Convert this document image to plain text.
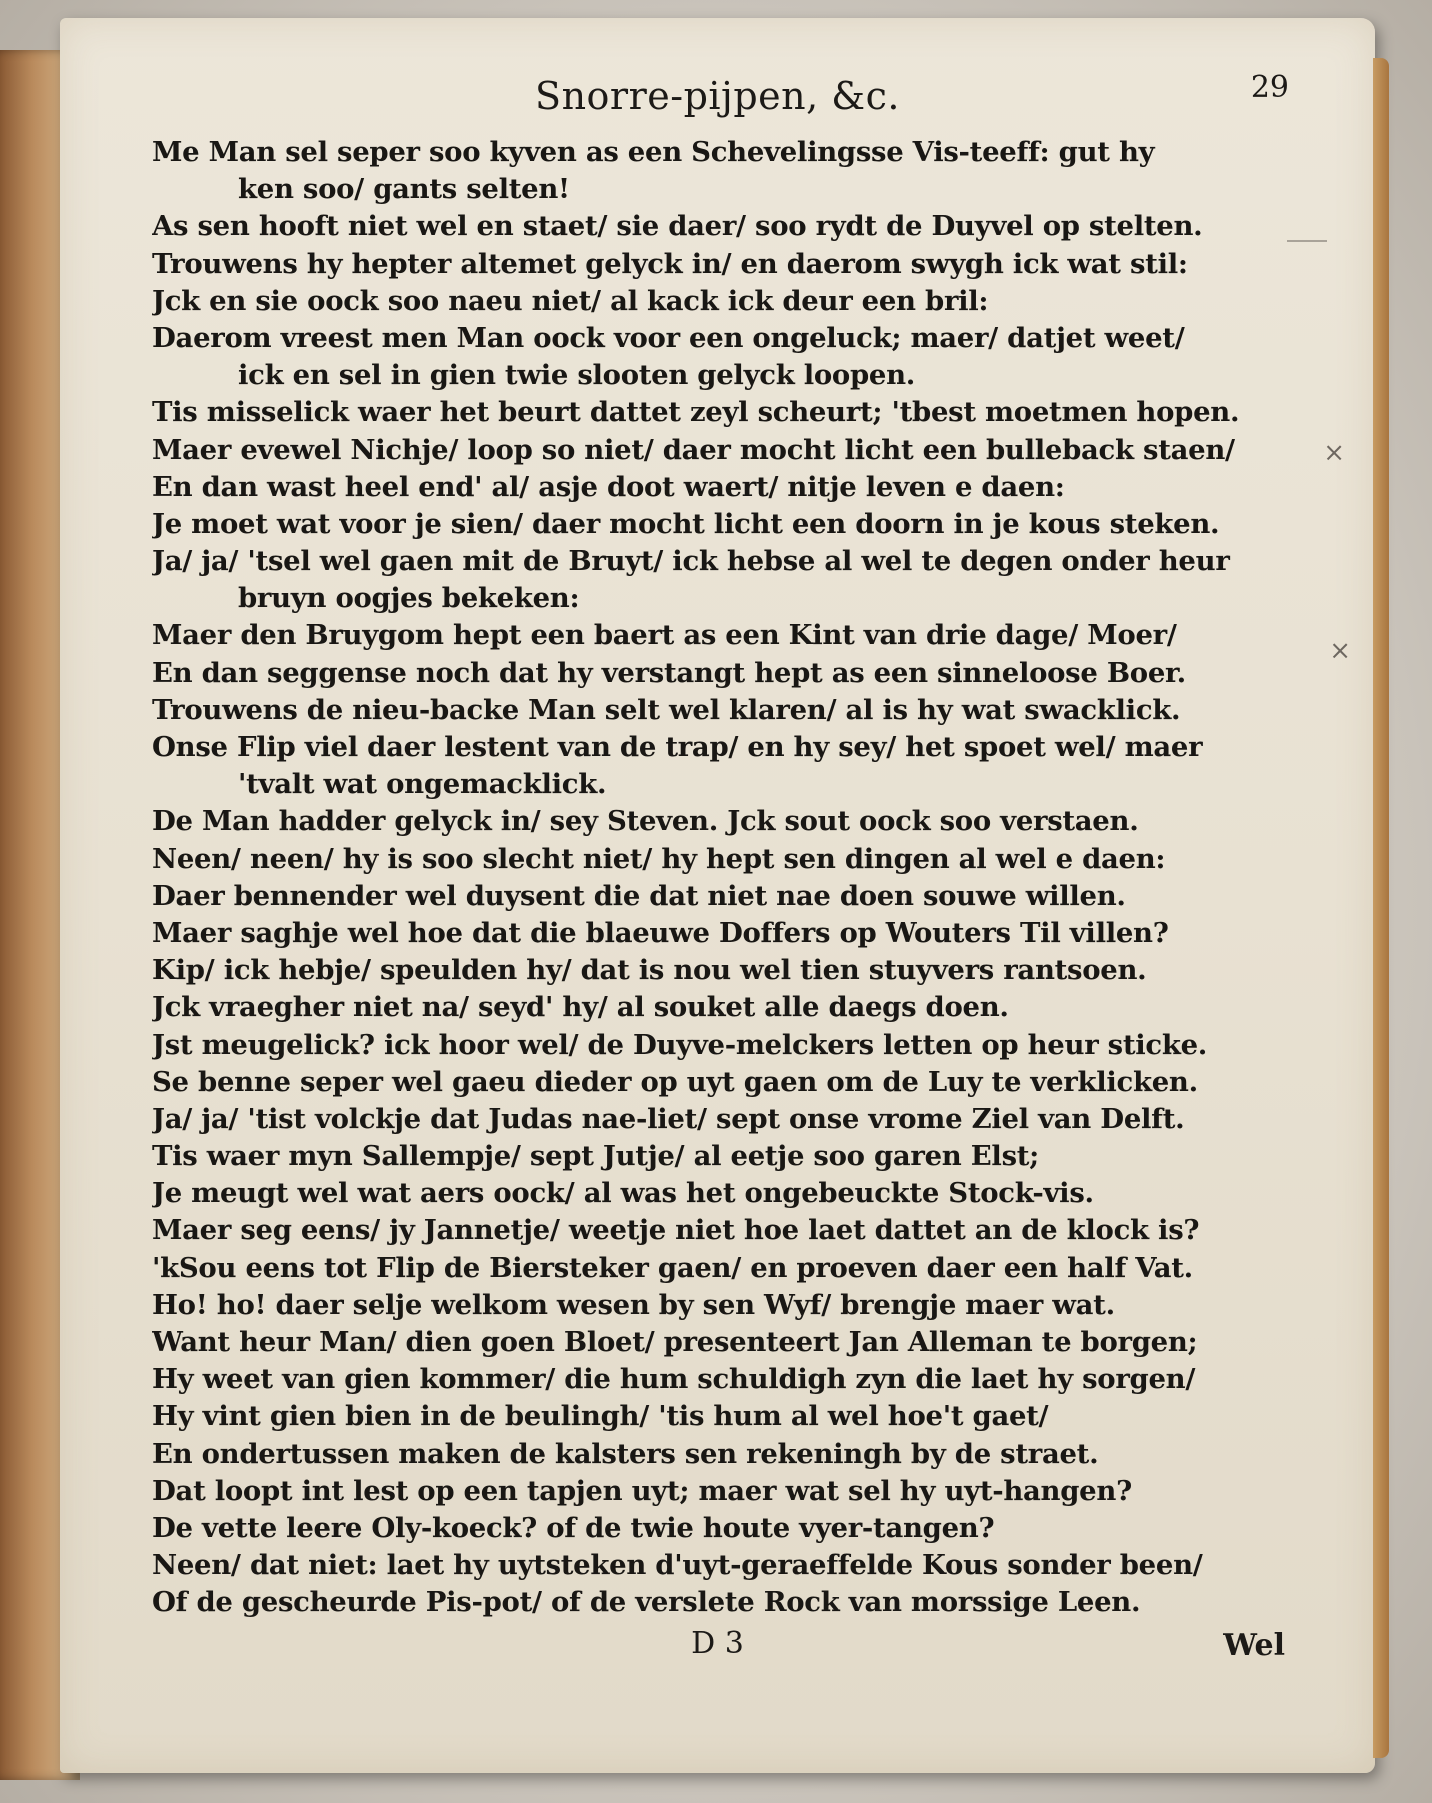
Snorre-pijpen, &c.	29
Me Man sel seper soo kyven as een Schevelingsse Vis-teeff: gut hy
ken soo/ gants selten!
As sen hooft niet wel en staet/ sie daer/ soo rydt de Duyvel op stelten.
Trouwens hy hepter altemet gelyck in/ en daerom swygh ick wat stil:
Jck en sie oock soo naeu niet/ al kack ick deur een bril:
Daerom vreest men Man oock voor een ongeluck; maer/ datjet weet/
ick en sel in gien twie slooten gelyck loopen.
Tis misselick waer het beurt dattet zeyl scheurt; 'tbest moetmen hopen.
Maer evewel Nichje/ loop so niet/ daer mocht licht een bulleback staen/
En dan wast heel end' al/ asje doot waert/ nitje leven e daen:
Je moet wat voor je sien/ daer mocht licht een doorn in je kous steken.
Ja/ ja/ 'tsel wel gaen mit de Bruyt/ ick hebse al wel te degen onder heur
bruyn oogjes bekeken:
Maer den Bruygom hept een baert as een Kint van drie dage/ Moer/
En dan seggense noch dat hy verstangt hept as een sinneloose Boer.
Trouwens de nieu-backe Man selt wel klaren/ al is hy wat swacklick.
Onse Flip viel daer lestent van de trap/ en hy sey/ het spoet wel/ maer
'tvalt wat ongemacklick.
De Man hadder gelyck in/ sey Steven. Jck sout oock soo verstaen.
Neen/ neen/ hy is soo slecht niet/ hy hept sen dingen al wel e daen:
Daer bennender wel duysent die dat niet nae doen souwe willen.
Maer saghje wel hoe dat die blaeuwe Doffers op Wouters Til villen?
Kip/ ick hebje/ speulden hy/ dat is nou wel tien stuyvers rantsoen.
Jck vraegher niet na/ seyd' hy/ al souket alle daegs doen.
Jst meugelick? ick hoor wel/ de Duyve-melckers letten op heur sticke.
Se benne seper wel gaeu dieder op uyt gaen om de Luy te verklicken.
Ja/ ja/ 'tist volckje dat Judas nae-liet/ sept onse vrome Ziel van Delft.
Tis waer myn Sallempje/ sept Jutje/ al eetje soo garen Elst;
Je meugt wel wat aers oock/ al was het ongebeuckte Stock-vis.
Maer seg eens/ jy Jannetje/ weetje niet hoe laet dattet an de klock is?
'kSou eens tot Flip de Biersteker gaen/ en proeven daer een half Vat.
Ho! ho! daer selje welkom wesen by sen Wyf/ brengje maer wat.
Want heur Man/ dien goen Bloet/ presenteert Jan Alleman te borgen;
Hy weet van gien kommer/ die hum schuldigh zyn die laet hy sorgen/
Hy vint gien bien in de beulingh/ 'tis hum al wel hoe't gaet/
En ondertussen maken de kalsters sen rekeningh by de straet.
Dat loopt int lest op een tapjen uyt; maer wat sel hy uyt-hangen?
De vette leere Oly-koeck? of de twie houte vyer-tangen?
Neen/ dat niet: laet hy uytsteken d'uyt-geraeffelde Kous sonder been/
Of de gescheurde Pis-pot/ of de verslete Rock van morssige Leen.
×
×
D 3	Wel
